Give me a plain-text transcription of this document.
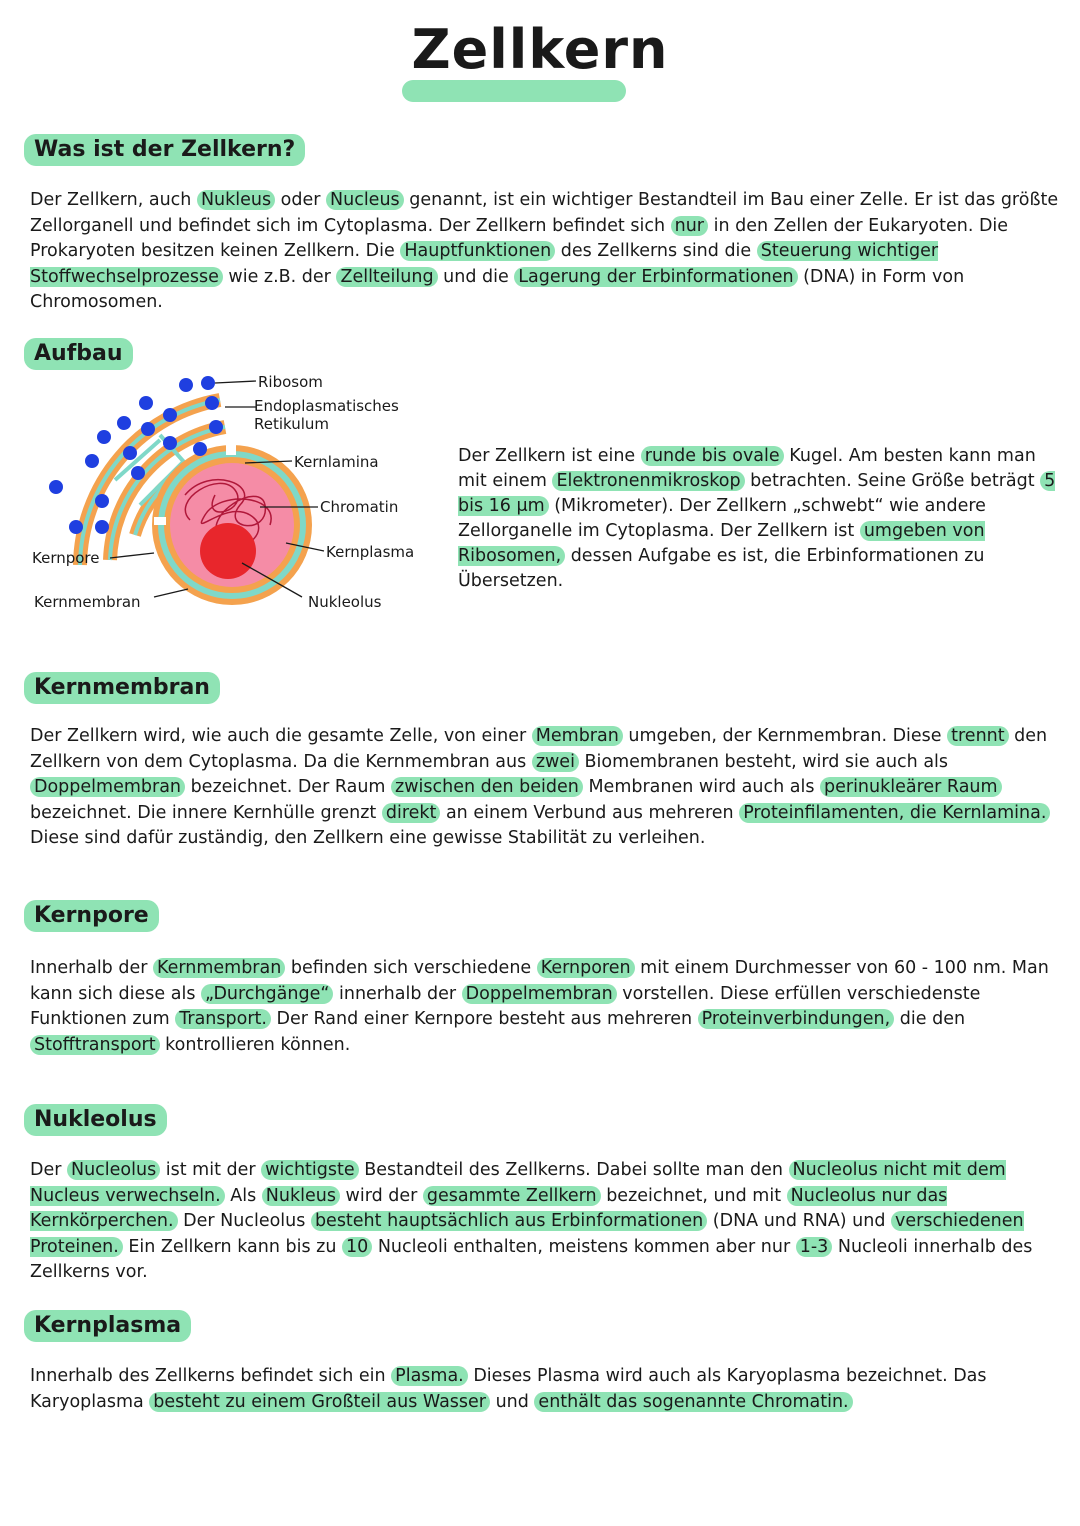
Zellkern
Was ist der Zellkern?

Der Zellkern, auch Nukleus oder Nucleus genannt, ist ein wichtiger Bestandteil im Bau einer Zelle. Er ist das größte Zellorganell und befindet sich im Cytoplasma. Der Zellkern befindet sich nur in den Zellen der Eukaryoten. Die Prokaryoten besitzen keinen Zellkern. Die Hauptfunktionen des Zellkerns sind die Steuerung wichtiger Stoffwechselprozesse wie z.B. der Zellteilung und die Lagerung der Erbinformationen (DNA) in Form von Chromosomen.

Aufbau
Ribosom
Endoplasmatisches
Retikulum
Kernlamina
Chromatin
Kernplasma
Kernpore
Kernmembran	Nukleolus

Der Zellkern ist eine runde bis ovale Kugel. Am besten kann man mit einem Elektronenmikroskop betrachten. Seine Größe beträgt 5 bis 16 μm (Mikrometer). Der Zellkern „schwebt“ wie andere Zellorganelle im Cytoplasma. Der Zellkern ist umgeben von Ribosomen, dessen Aufgabe es ist, die Erbinformationen zu Übersetzen.

Kernmembran

Der Zellkern wird, wie auch die gesamte Zelle, von einer Membran umgeben, der Kernmembran. Diese trennt den Zellkern von dem Cytoplasma. Da die Kernmembran aus zwei Biomembranen besteht, wird sie auch als Doppelmembran bezeichnet. Der Raum zwischen den beiden Membranen wird auch als perinukleärer Raum bezeichnet. Die innere Kernhülle grenzt direkt an einem Verbund aus mehreren Proteinfilamenten, die Kernlamina. Diese sind dafür zuständig, den Zellkern eine gewisse Stabilität zu verleihen.

Kernpore

Innerhalb der Kernmembran befinden sich verschiedene Kernporen mit einem Durchmesser von 60 - 100 nm. Man kann sich diese als „Durchgänge“ innerhalb der Doppelmembran vorstellen. Diese erfüllen verschiedenste Funktionen zum Transport. Der Rand einer Kernpore besteht aus mehreren Proteinverbindungen, die den Stofftransport kontrollieren können.

Nukleolus

Der Nucleolus ist mit der wichtigste Bestandteil des Zellkerns. Dabei sollte man den Nucleolus nicht mit dem Nucleus verwechseln. Als Nukleus wird der gesammte Zellkern bezeichnet, und mit Nucleolus nur das Kernkörperchen. Der Nucleolus besteht hauptsächlich aus Erbinformationen (DNA und RNA) und verschiedenen Proteinen. Ein Zellkern kann bis zu 10 Nucleoli enthalten, meistens kommen aber nur 1-3 Nucleoli innerhalb des Zellkerns vor.

Kernplasma

Innerhalb des Zellkerns befindet sich ein Plasma. Dieses Plasma wird auch als Karyoplasma bezeichnet. Das Karyoplasma besteht zu einem Großteil aus Wasser und enthält das sogenannte Chromatin.
